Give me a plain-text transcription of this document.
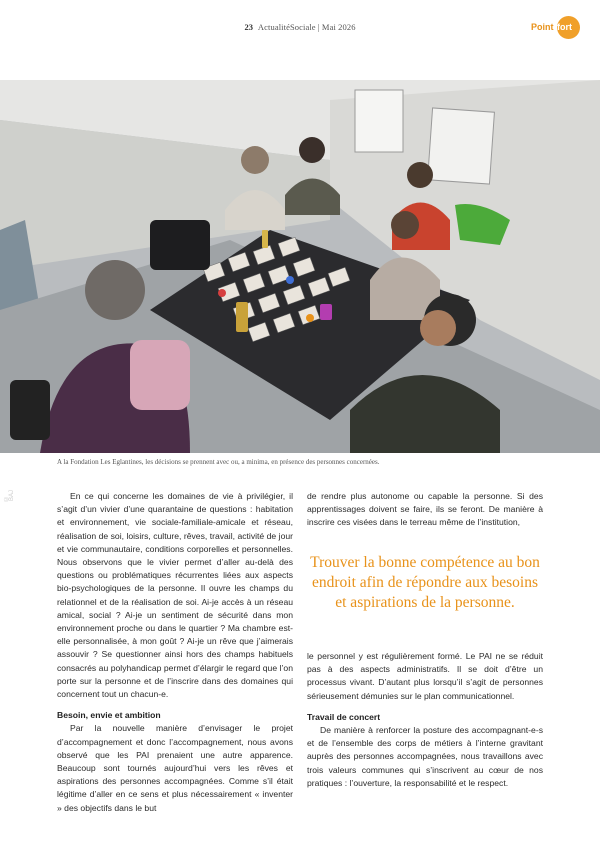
23 ActualitéSociale | Mai 2026	Point fort
© BAJ
A la Fondation Les Eglantines, les décisions se prennent avec ou, a minima, en présence des personnes concernées.

En ce qui concerne les domaines de vie à privilégier, il s’agit d’un vivier d’une quarantaine de questions : habitation et environnement, vie sociale-familiale-amicale et réseau, réalisation de soi, loisirs, culture, rêves, travail, activité de jour et vie communautaire, conditions corporelles et personnelles. Nous observons que le vivier permet d’aller au-delà des questions ou problématiques récurrentes liées aux aspects bio-psychologiques de la personne. Il ouvre les champs du relationnel et de la réalisation de soi. Ai-je accès à un réseau amical, social ? Ai-je un sentiment de sécurité dans mon environnement proche ou dans le quartier ? Ma chambre est-elle personnalisée, à mon goût ? Ai-je un rêve que j’aimerais assouvir ? Se questionner ainsi hors des champs habituels consacrés au polyhandicap permet d’élargir le regard que l’on porte sur la personne et de l’inscrire dans des domaines qui concernent tout un chacun-e.

Besoin, envie et ambition

Par la nouvelle manière d’envisager le projet d’accompagnement et donc l’accompagnement, nous avons observé que les PAI prenaient une autre apparence. Beaucoup sont tournés aujourd’hui vers les rêves et aspirations des personnes accompagnées. Comme s’il était légitime d’aller en ce sens et plus nécessairement « inventer » des objectifs dans le but

de rendre plus autonome ou capable la personne. Si des apprentissages doivent se faire, ils se feront. De manière à inscrire ces visées dans le terreau même de l’institution,

Trouver la bonne compétence au bon endroit afin de répondre aux besoins et aspirations de la personne.

le personnel y est régulièrement formé. Le PAI ne se réduit pas à des aspects administratifs. Il se doit d’être un processus vivant. D’autant plus lorsqu’il s’agit de personnes sérieusement démunies sur le plan communicationnel.

Travail de concert

De manière à renforcer la posture des accompagnant-e-s et de l’ensemble des corps de métiers à l’interne gravitant auprès des personnes accompagnées, nous travaillons avec trois valeurs communes qui s’inscrivent au cœur de nos pratiques : l’ouverture, la responsabilité et le respect.
